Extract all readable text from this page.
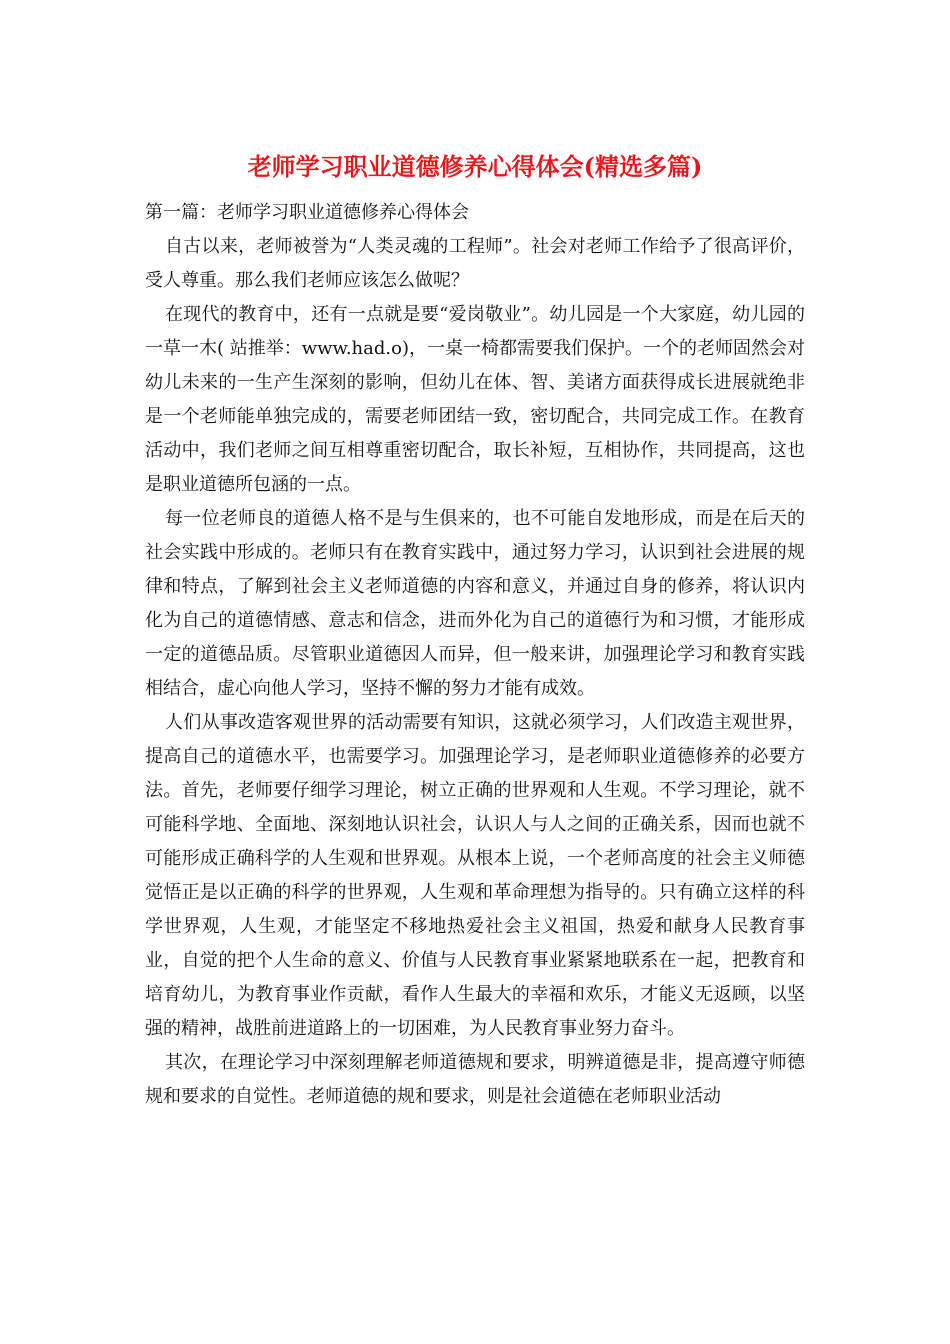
老师学习职业道德修养心得体会(精选多篇)

第一篇：老师学习职业道德修养心得体会

自古以来，老师被誉为“人类灵魂的工程师”。社会对老师工作给予了很高评价，受人尊重。那么我们老师应该怎么做呢？

在现代的教育中，还有一点就是要“爱岗敬业”。幼儿园是一个大家庭，幼儿园的一草一木( 站推举：www.had.o)，一桌一椅都需要我们保护。一个的老师固然会对幼儿未来的一生产生深刻的影响，但幼儿在体、智、美诸方面获得成长进展就绝非是一个老师能单独完成的，需要老师团结一致，密切配合，共同完成工作。在教育活动中，我们老师之间互相尊重密切配合，取长补短，互相协作，共同提高，这也是职业道德所包涵的一点。

每一位老师良的道德人格不是与生俱来的，也不可能自发地形成，而是在后天的社会实践中形成的。老师只有在教育实践中，通过努力学习，认识到社会进展的规律和特点，了解到社会主义老师道德的内容和意义，并通过自身的修养，将认识内化为自己的道德情感、意志和信念，进而外化为自己的道德行为和习惯，才能形成一定的道德品质。尽管职业道德因人而异，但一般来讲，加强理论学习和教育实践相结合，虚心向他人学习，坚持不懈的努力才能有成效。

人们从事改造客观世界的活动需要有知识，这就必须学习，人们改造主观世界，提高自己的道德水平，也需要学习。加强理论学习，是老师职业道德修养的必要方法。首先，老师要仔细学习理论，树立正确的世界观和人生观。不学习理论，就不可能科学地、全面地、深刻地认识社会，认识人与人之间的正确关系，因而也就不可能形成正确科学的人生观和世界观。从根本上说，一个老师高度的社会主义师德觉悟正是以正确的科学的世界观，人生观和革命理想为指导的。只有确立这样的科学世界观，人生观，才能坚定不移地热爱社会主义祖国，热爱和献身人民教育事业，自觉的把个人生命的意义、价值与人民教育事业紧紧地联系在一起，把教育和培育幼儿，为教育事业作贡献，看作人生最大的幸福和欢乐，才能义无返顾，以坚强的精神，战胜前进道路上的一切困难，为人民教育事业努力奋斗。

其次，在理论学习中深刻理解老师道德规和要求，明辨道德是非，提高遵守师德规和要求的自觉性。老师道德的规和要求，则是社会道德在老师职业活动
